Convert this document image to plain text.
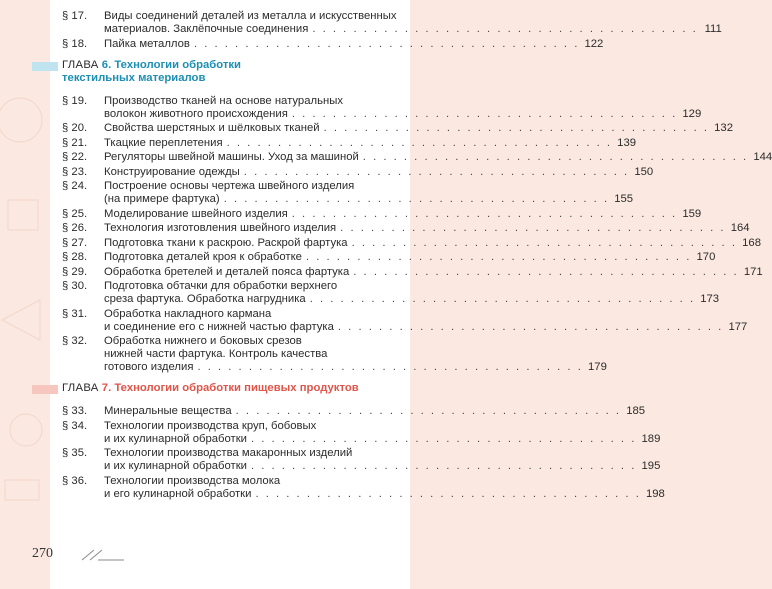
§ 17.	Виды соединений деталей из металла и искусственных
материалов. Заклёпочные соединения . . . . . . . . . . . . . . . . . . . . . . . . . . . . . . . . . . . . . . 111
§ 18.	Пайка металлов . . . . . . . . . . . . . . . . . . . . . . . . . . . . . . . . . . . . . . 122
ГЛАВА 6. Технологии обработки
текстильных материалов
§ 19.	Производство тканей на основе натуральных
волокон животного происхождения . . . . . . . . . . . . . . . . . . . . . . . . . . . . . . . . . . . . . . 129
§ 20.	Свойства шерстяных и шёлковых тканей . . . . . . . . . . . . . . . . . . . . . . . . . . . . . . . . . . . . . . 132
§ 21.	Ткацкие переплетения . . . . . . . . . . . . . . . . . . . . . . . . . . . . . . . . . . . . . . 139
§ 22.	Регуляторы швейной машины. Уход за машиной . . . . . . . . . . . . . . . . . . . . . . . . . . . . . . . . . . . . . . 144
§ 23.	Конструирование одежды . . . . . . . . . . . . . . . . . . . . . . . . . . . . . . . . . . . . . . 150
§ 24.	Построение основы чертежа швейного изделия
(на примере фартука) . . . . . . . . . . . . . . . . . . . . . . . . . . . . . . . . . . . . . . 155
§ 25.	Моделирование швейного изделия . . . . . . . . . . . . . . . . . . . . . . . . . . . . . . . . . . . . . . 159
§ 26.	Технология изготовления швейного изделия . . . . . . . . . . . . . . . . . . . . . . . . . . . . . . . . . . . . . . 164
§ 27.	Подготовка ткани к раскрою. Раскрой фартука . . . . . . . . . . . . . . . . . . . . . . . . . . . . . . . . . . . . . . 168
§ 28.	Подготовка деталей кроя к обработке . . . . . . . . . . . . . . . . . . . . . . . . . . . . . . . . . . . . . . 170
§ 29.	Обработка бретелей и деталей пояса фартука . . . . . . . . . . . . . . . . . . . . . . . . . . . . . . . . . . . . . . 171
§ 30.	Подготовка обтачки для обработки верхнего
среза фартука. Обработка нагрудника . . . . . . . . . . . . . . . . . . . . . . . . . . . . . . . . . . . . . . 173
§ 31.	Обработка накладного кармана
и соединение его с нижней частью фартука . . . . . . . . . . . . . . . . . . . . . . . . . . . . . . . . . . . . . . 177
§ 32.	Обработка нижнего и боковых срезов
нижней части фартука. Контроль качества
готового изделия . . . . . . . . . . . . . . . . . . . . . . . . . . . . . . . . . . . . . . 179
ГЛАВА 7. Технологии обработки пищевых продуктов
§ 33.	Минеральные вещества . . . . . . . . . . . . . . . . . . . . . . . . . . . . . . . . . . . . . . 185
§ 34.	Технологии производства круп, бобовых
и их кулинарной обработки . . . . . . . . . . . . . . . . . . . . . . . . . . . . . . . . . . . . . . 189
§ 35.	Технологии производства макаронных изделий
и их кулинарной обработки . . . . . . . . . . . . . . . . . . . . . . . . . . . . . . . . . . . . . . 195
§ 36.	Технологии производства молока
и его кулинарной обработки . . . . . . . . . . . . . . . . . . . . . . . . . . . . . . . . . . . . . . 198
270
